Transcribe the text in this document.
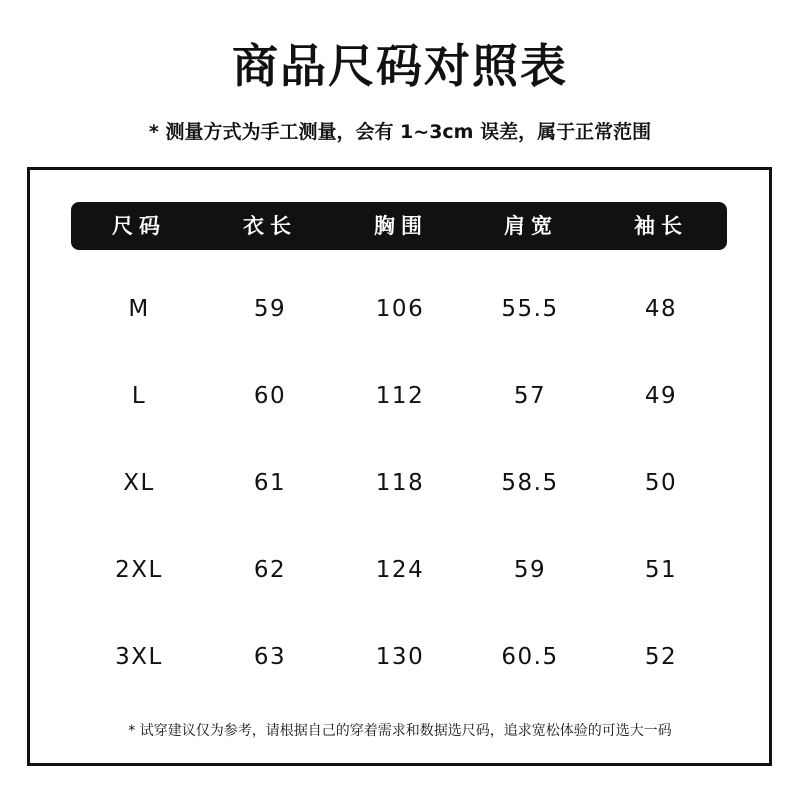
商品尺码对照表
* 测量方式为手工测量，会有 1~3cm 误差，属于正常范围
尺码	衣长	胸围	肩宽	袖长
M	59	106	55.5	48
L	60	112	57	49
XL	61	118	58.5	50
2XL	62	124	59	51
3XL	63	130	60.5	52
* 试穿建议仅为参考，请根据自己的穿着需求和数据选尺码，追求宽松体验的可选大一码
